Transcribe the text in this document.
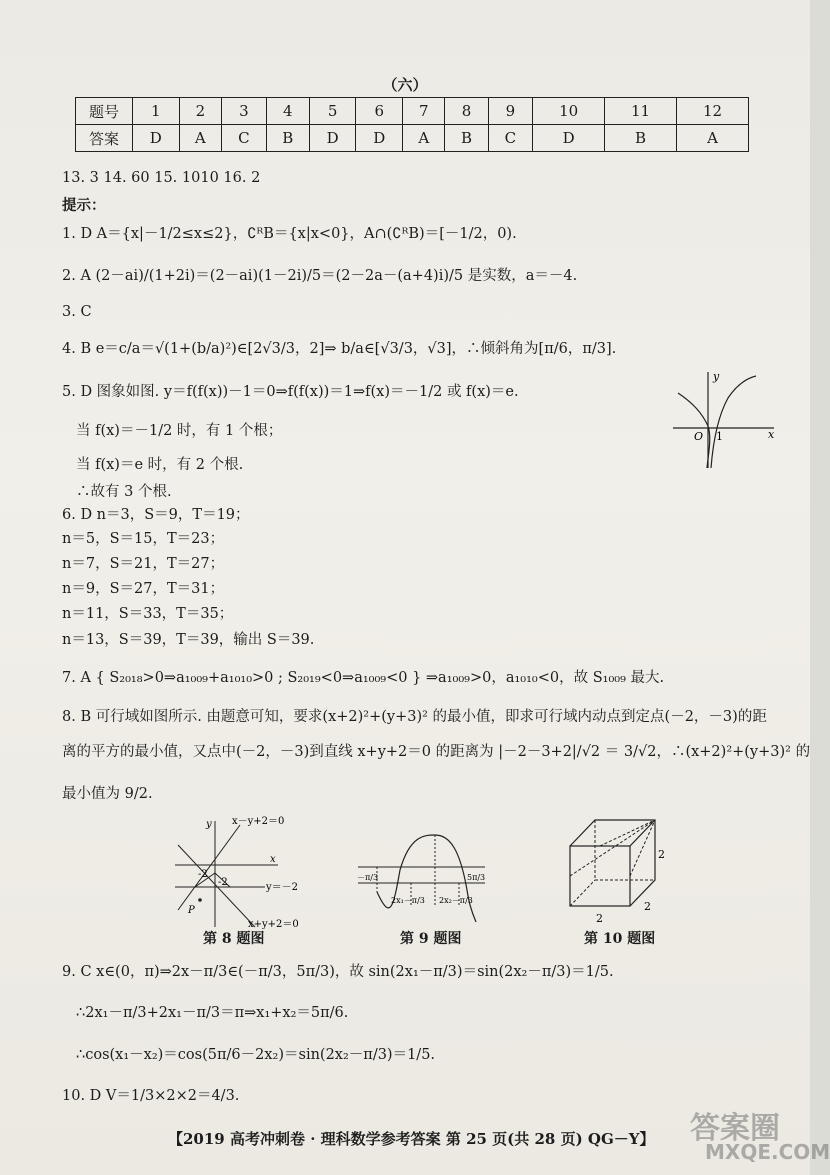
（六）
题号	1	2	3	4	5	6	7	8	9	10	11	12
答案	D	A	C	B	D	D	A	B	C	D	B	A
13. 3 14. 60 15. 1010 16. 2
提示：
1. D A＝{x|－1/2≤x≤2}，∁ᴿB＝{x|x<0}，A∩(∁ᴿB)＝[－1/2，0).
2. A (2－ai)/(1+2i)＝(2－ai)(1－2i)/5＝(2－2a－(a+4)i)/5 是实数，a＝－4.
3. C
4. B e＝c/a＝√(1+(b/a)²)∈[2√3/3，2]⇒ b/a∈[√3/3，√3]，∴倾斜角为[π/6，π/3].
5. D 图象如图. y＝f(f(x))－1＝0⇒f(f(x))＝1⇒f(x)＝－1/2 或 f(x)＝e.
当 f(x)＝－1/2 时，有 1 个根；
当 f(x)＝e 时，有 2 个根.
∴故有 3 个根.
6. D n＝3，S＝9，T＝19；
n＝5，S＝15，T＝23；
n＝7，S＝21，T＝27；
n＝9，S＝27，T＝31；
n＝11，S＝33，T＝35；
n＝13，S＝39，T＝39，输出 S＝39.
7. A { S₂₀₁₈>0⇒a₁₀₀₉+a₁₀₁₀>0 ; S₂₀₁₉<0⇒a₁₀₀₉<0 } ⇒a₁₀₀₉>0，a₁₀₁₀<0，故 S₁₀₀₉ 最大.
8. B 可行域如图所示. 由题意可知，要求(x+2)²+(y+3)² 的最小值，即求可行域内动点到定点(－2，－3)的距
离的平方的最小值，又点中(－2，－3)到直线 x+y+2＝0 的距离为 |－2－3+2|/√2 ＝ 3/√2，∴(x+2)²+(y+3)² 的
最小值为 9/2.
y
x
O 1
y
x
x－y+2＝0
y＝－2
x+y+2＝0
-2
-2
P
－π/3	5π/3
2x₁－π/3 2x₂－π/3
2
2
2
第 8 题图	第 9 题图	第 10 题图
9. C x∈(0，π)⇒2x－π/3∈(－π/3，5π/3)，故 sin(2x₁－π/3)＝sin(2x₂－π/3)＝1/5.
∴2x₁－π/3+2x₁－π/3＝π⇒x₁+x₂＝5π/6.
∴cos(x₁－x₂)＝cos(5π/6－2x₂)＝sin(2x₂－π/3)＝1/5.
10. D V＝1/3×2×2＝4/3.
【2019 高考冲刺卷 · 理科数学参考答案 第 25 页(共 28 页) QG－Y】 答案圈
MXQE.COM
